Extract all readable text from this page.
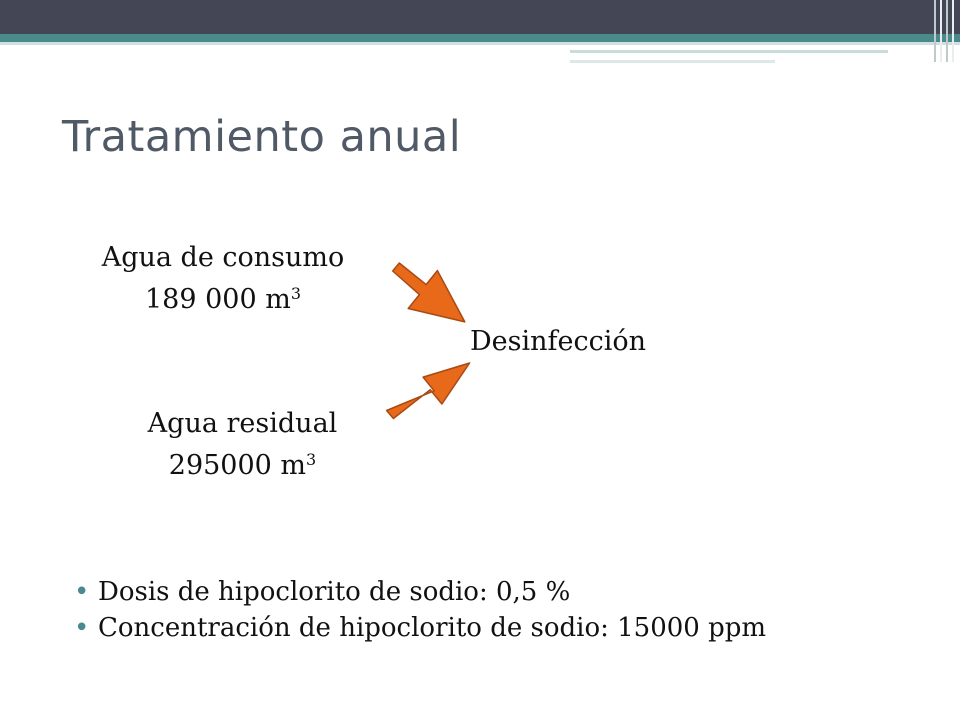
Tratamiento anual
Agua de consumo
189 000 $m^3$
Desinfección
Agua residual
295000 $m^3$
• Dosis de hipoclorito de sodio: 0,5 %
• Concentración de hipoclorito de sodio: 15000 ppm
